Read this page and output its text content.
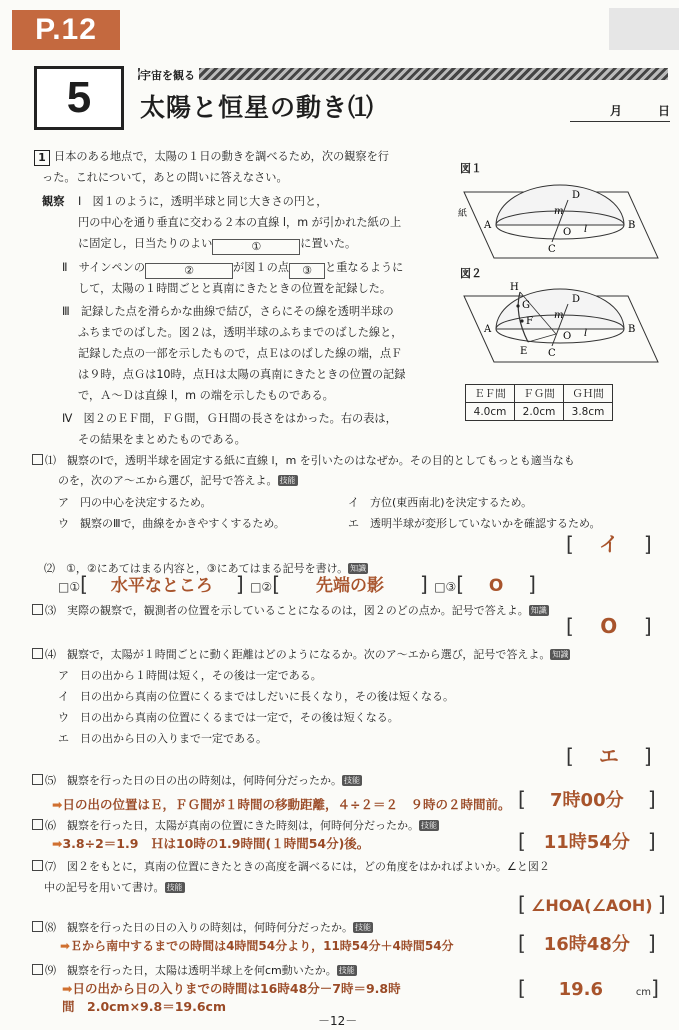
P.12
5	宇宙を観る
太陽と恒星の動き⑴	月　　　	日
1 日本のある地点で，太陽の１日の動きを調べるため，次の観察を行
った。これについて，あとの問いに答えなさい。
観察 Ⅰ　図１のように，透明半球と同じ大きさの円と，
円の中心を通り垂直に交わる２本の直線 l，m が引かれた紙の上
に固定し，日当たりのよい	①	に置いた。
Ⅱ　サインペンの	②	が図１の点 ③ と重なるように
して，太陽の１時間ごとと真南にきたときの位置を記録した。
Ⅲ　記録した点を滑らかな曲線で結び，さらにその線を透明半球の
ふちまでのばした。図２は，透明半球のふちまでのばした線と，
記録した点の一部を示したもので，点Ｅはのばした線の端，点Ｆ
は９時，点Ｇは10時，点Ｈは太陽の真南にきたときの位置の記録
で，Ａ～Ｄは直線 l，m の端を示したものである。
Ⅳ　図２のＥＦ間，ＦＧ間，ＧＨ間の長さをはかった。右の表は，
その結果をまとめたものである。
図１
A	B
C
D
O l
m
紙
図２
A	B
C
D
O l
m
E
F
G
H
ＥＦ間	ＦＧ間	ＧＨ間
4.0cm	2.0cm	3.8cm
⑴　観察のⅠで，透明半球を固定する紙に直線 l，m を引いたのはなぜか。その目的としてもっとも適当なも
のを，次のア～エから選び，記号で答えよ。 技能
ア　円の中心を決定するため。	イ　方位(東西南北)を決定するため。
ウ　観察のⅢで，曲線をかきやすくするため。	エ　透明半球が変形していないかを確認するため。
[ イ ]
⑵　①，②にあてはまる内容と，③にあてはまる記号を書け。 知識
□①[ 水平なところ ] □②[ 先端の影 ] □③[ O ]
⑶　実際の観察で，観測者の位置を示していることになるのは，図２のどの点か。記号で答えよ。 知識
[ O ]
⑷　観察で，太陽が１時間ごとに動く距離はどのようになるか。次のア～エから選び，記号で答えよ。 知識
ア　日の出から１時間は短く，その後は一定である。
イ　日の出から真南の位置にくるまではしだいに長くなり，その後は短くなる。
ウ　日の出から真南の位置にくるまでは一定で，その後は短くなる。
エ　日の出から日の入りまで一定である。
[ エ ]
⑸　観察を行った日の日の出の時刻は，何時何分だったか。 技能
➡日の出の位置はＥ，ＦＧ間が１時間の移動距離，４÷２＝２　９時の２時間前。 [ 7時00分 ]
⑹　観察を行った日，太陽が真南の位置にきた時刻は，何時何分だったか。 技能
➡3.8÷2＝1.9　Ｈは10時の1.9時間(１時間54分)後。	[ 11時54分 ]
⑺　図２をもとに，真南の位置にきたときの高度を調べるには，どの角度をはかればよいか。∠と図２
中の記号を用いて書け。 技能
[ ∠HOA(∠AOH) ]
⑻　観察を行った日の日の入りの時刻は，何時何分だったか。 技能
➡Ｅから南中するまでの時間は4時間54分より，11時54分＋4時間54分	[ 16時48分 ]
⑼　観察を行った日，太陽は透明半球上を何cm動いたか。 技能
➡日の出から日の入りまでの時間は16時48分－7時＝9.8時
間　2.0cm×9.8＝19.6cm
[ 19.6	cm]
－12－
